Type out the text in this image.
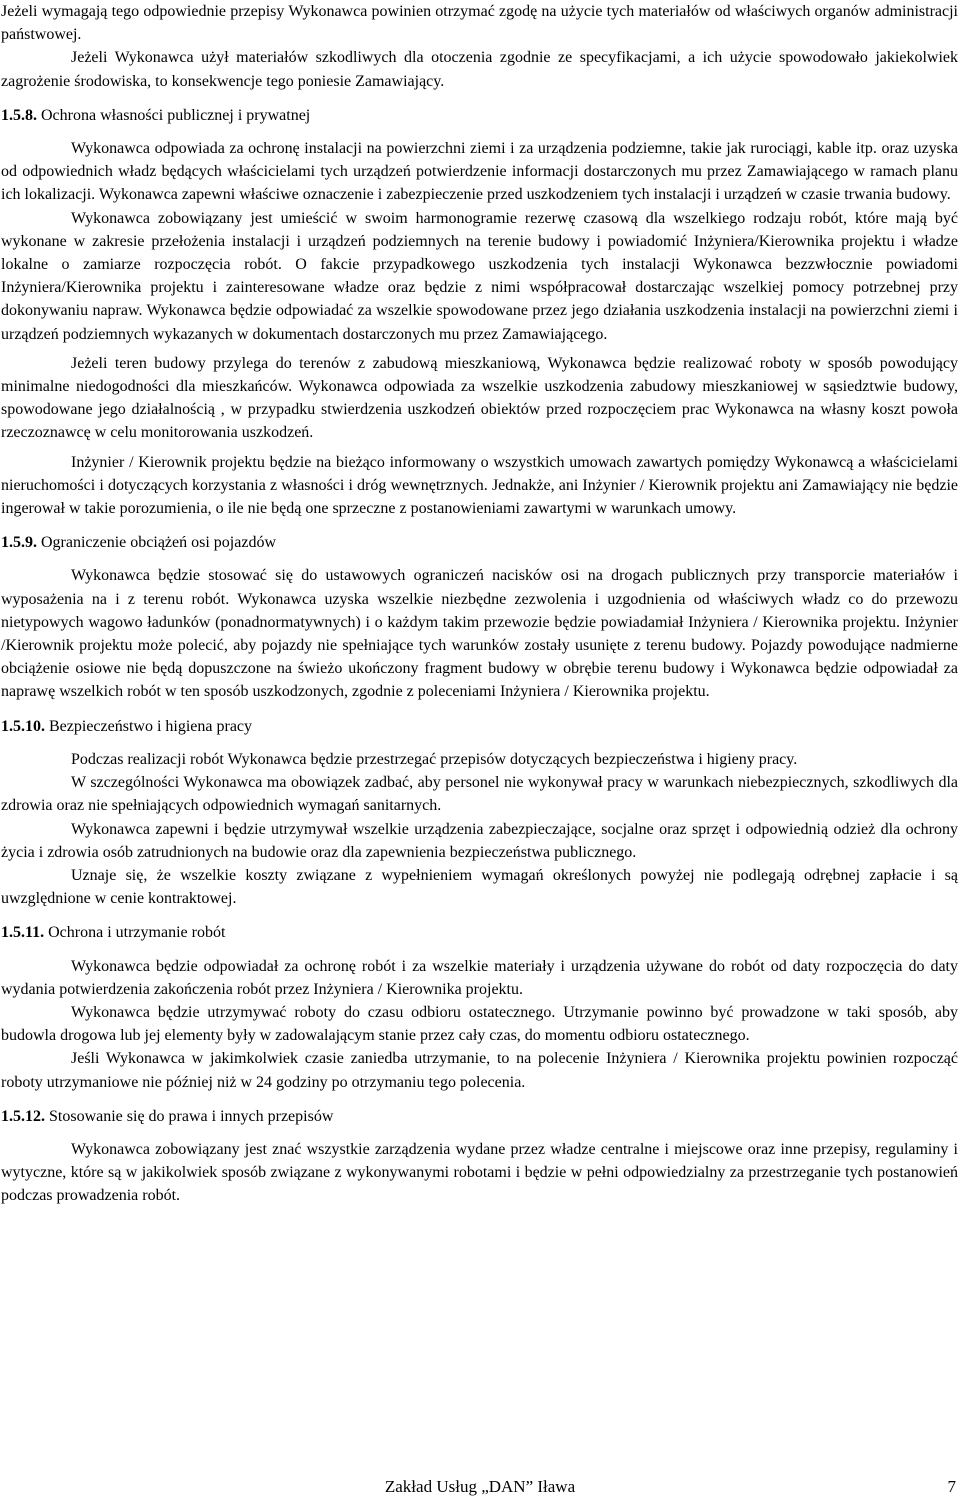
Jeżeli wymagają tego odpowiednie przepisy Wykonawca powinien otrzymać zgodę na użycie tych materiałów od właściwych organów administracji państwowej.

Jeżeli Wykonawca użył materiałów szkodliwych dla otoczenia zgodnie ze specyfikacjami, a ich użycie spowodowało jakiekolwiek zagrożenie środowiska, to konsekwencje tego poniesie Zamawiający.

1.5.8. Ochrona własności publicznej i prywatnej

Wykonawca odpowiada za ochronę instalacji na powierzchni ziemi i za urządzenia podziemne, takie jak rurociągi, kable itp. oraz uzyska od odpowiednich władz będących właścicielami tych urządzeń potwierdzenie informacji dostarczonych mu przez Zamawiającego w ramach planu ich lokalizacji. Wykonawca zapewni właściwe oznaczenie i zabezpieczenie przed uszkodzeniem tych instalacji i urządzeń w czasie trwania budowy.

Wykonawca zobowiązany jest umieścić w swoim harmonogramie rezerwę czasową dla wszelkiego rodzaju robót, które mają być wykonane w zakresie przełożenia instalacji i urządzeń podziemnych na terenie budowy i powiadomić Inżyniera/Kierownika projektu i władze lokalne o zamiarze rozpoczęcia robót. O fakcie przypadkowego uszkodzenia tych instalacji Wykonawca bezzwłocznie powiadomi Inżyniera/Kierownika projektu i zainteresowane władze oraz będzie z nimi współpracował dostarczając wszelkiej pomocy potrzebnej przy dokonywaniu napraw. Wykonawca będzie odpowiadać za wszelkie spowodowane przez jego działania uszkodzenia instalacji na powierzchni ziemi i urządzeń podziemnych wykazanych w dokumentach dostarczonych mu przez Zamawiającego.

Jeżeli teren budowy przylega do terenów z zabudową mieszkaniową, Wykonawca będzie realizować roboty w sposób powodujący minimalne niedogodności dla mieszkańców. Wykonawca odpowiada za wszelkie uszkodzenia zabudowy mieszkaniowej w sąsiedztwie budowy, spowodowane jego działalnością , w przypadku stwierdzenia uszkodzeń obiektów przed rozpoczęciem prac Wykonawca na własny koszt powoła rzeczoznawcę w celu monitorowania uszkodzeń.

Inżynier / Kierownik projektu będzie na bieżąco informowany o wszystkich umowach zawartych pomiędzy Wykonawcą a właścicielami nieruchomości i dotyczących korzystania z własności i dróg wewnętrznych. Jednakże, ani Inżynier / Kierownik projektu ani Zamawiający nie będzie ingerował w takie porozumienia, o ile nie będą one sprzeczne z postanowieniami zawartymi w warunkach umowy.

1.5.9. Ograniczenie obciążeń osi pojazdów

Wykonawca będzie stosować się do ustawowych ograniczeń nacisków osi na drogach publicznych przy transporcie materiałów i wyposażenia na i z terenu robót. Wykonawca uzyska wszelkie niezbędne zezwolenia i uzgodnienia od właściwych władz co do przewozu nietypowych wagowo ładunków (ponadnormatywnych) i o każdym takim przewozie będzie powiadamiał Inżyniera / Kierownika projektu. Inżynier /Kierownik projektu może polecić, aby pojazdy nie spełniające tych warunków zostały usunięte z terenu budowy. Pojazdy powodujące nadmierne obciążenie osiowe nie będą dopuszczone na świeżo ukończony fragment budowy w obrębie terenu budowy i Wykonawca będzie odpowiadał za naprawę wszelkich robót w ten sposób uszkodzonych, zgodnie z poleceniami Inżyniera / Kierownika projektu.

1.5.10. Bezpieczeństwo i higiena pracy

Podczas realizacji robót Wykonawca będzie przestrzegać przepisów dotyczących bezpieczeństwa i higieny pracy.

W szczególności Wykonawca ma obowiązek zadbać, aby personel nie wykonywał pracy w warunkach niebezpiecznych, szkodliwych dla zdrowia oraz nie spełniających odpowiednich wymagań sanitarnych.

Wykonawca zapewni i będzie utrzymywał wszelkie urządzenia zabezpieczające, socjalne oraz sprzęt i odpowiednią odzież dla ochrony życia i zdrowia osób zatrudnionych na budowie oraz dla zapewnienia bezpieczeństwa publicznego.

Uznaje się, że wszelkie koszty związane z wypełnieniem wymagań określonych powyżej nie podlegają odrębnej zapłacie i są uwzględnione w cenie kontraktowej.

1.5.11. Ochrona i utrzymanie robót

Wykonawca będzie odpowiadał za ochronę robót i za wszelkie materiały i urządzenia używane do robót od daty rozpoczęcia do daty wydania potwierdzenia zakończenia robót przez Inżyniera / Kierownika projektu.

Wykonawca będzie utrzymywać roboty do czasu odbioru ostatecznego. Utrzymanie powinno być prowadzone w taki sposób, aby budowla drogowa lub jej elementy były w zadowalającym stanie przez cały czas, do momentu odbioru ostatecznego.

Jeśli Wykonawca w jakimkolwiek czasie zaniedba utrzymanie, to na polecenie Inżyniera / Kierownika projektu powinien rozpocząć roboty utrzymaniowe nie później niż w 24 godziny po otrzymaniu tego polecenia.

1.5.12. Stosowanie się do prawa i innych przepisów

Wykonawca zobowiązany jest znać wszystkie zarządzenia wydane przez władze centralne i miejscowe oraz inne przepisy, regulaminy i wytyczne, które są w jakikolwiek sposób związane z wykonywanymi robotami i będzie w pełni odpowiedzialny za przestrzeganie tych postanowień podczas prowadzenia robót.

Zakład Usług „DAN” Iława	7
